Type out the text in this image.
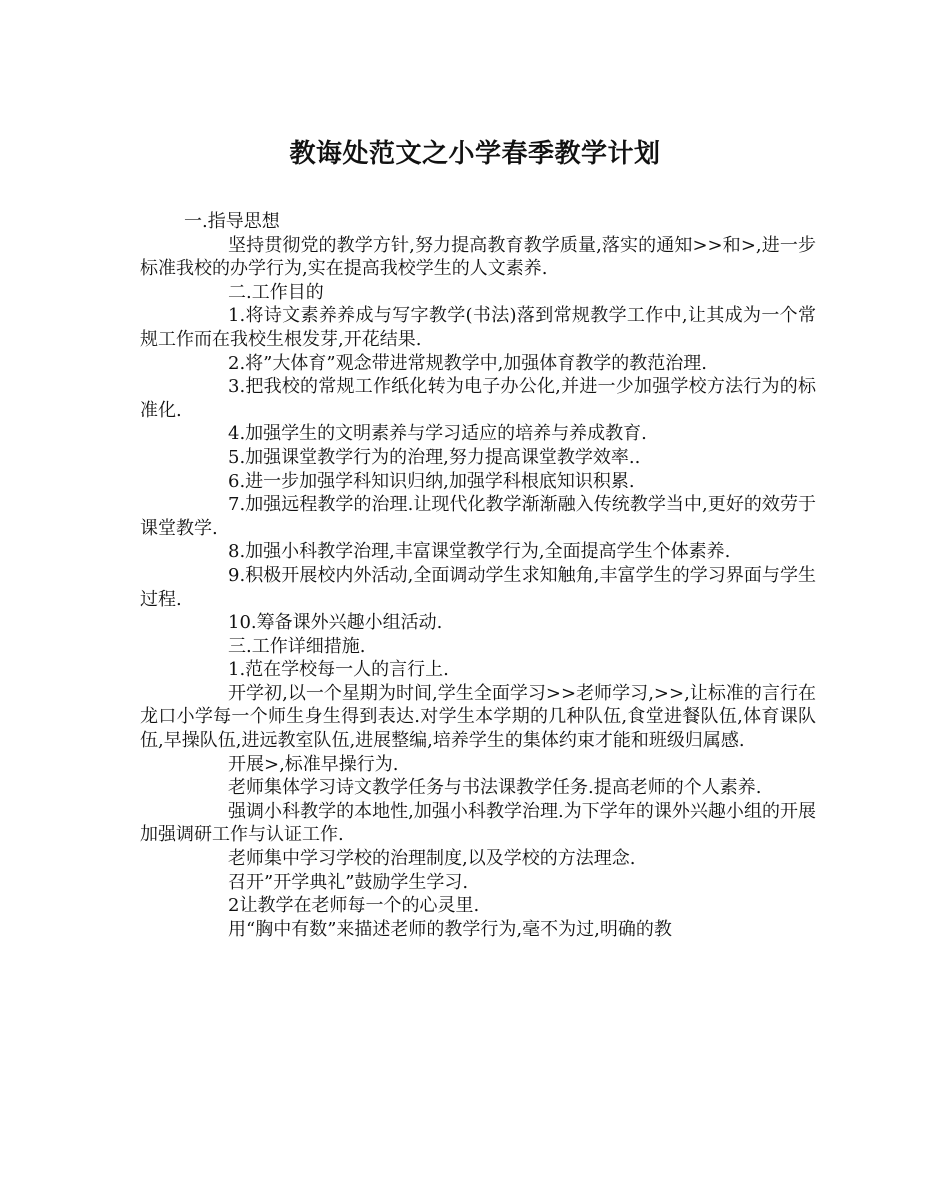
教诲处范文之小学春季教学计划

一.指导思想

坚持贯彻党的教学方针,努力提高教育教学质量,落实的通知>>和>,进一步标准我校的办学行为,实在提高我校学生的人文素养.

二.工作目的

1.将诗文素养养成与写字教学(书法)落到常规教学工作中,让其成为一个常规工作而在我校生根发芽,开花结果.

2.将”大体育”观念带进常规教学中,加强体育教学的教范治理.

3.把我校的常规工作纸化转为电子办公化,并进一少加强学校方法行为的标准化.

4.加强学生的文明素养与学习适应的培养与养成教育.

5.加强课堂教学行为的治理,努力提高课堂教学效率..

6.进一步加强学科知识归纳,加强学科根底知识积累.

7.加强远程教学的治理.让现代化教学渐渐融入传统教学当中,更好的效劳于课堂教学.

8.加强小科教学治理,丰富课堂教学行为,全面提高学生个体素养.

9.积极开展校内外活动,全面调动学生求知触角,丰富学生的学习界面与学生过程.

10.筹备课外兴趣小组活动.

三.工作详细措施.

1.范在学校每一人的言行上.

开学初,以一个星期为时间,学生全面学习>>老师学习,>>,让标准的言行在龙口小学每一个师生身生得到表达.对学生本学期的几种队伍,食堂进餐队伍,体育课队伍,早操队伍,进远教室队伍,进展整编,培养学生的集体约束才能和班级归属感.

开展>,标准早操行为.

老师集体学习诗文教学任务与书法课教学任务.提高老师的个人素养.

强调小科教学的本地性,加强小科教学治理.为下学年的课外兴趣小组的开展加强调研工作与认证工作.

老师集中学习学校的治理制度,以及学校的方法理念.

召开”开学典礼”鼓励学生学习.

2让教学在老师每一个的心灵里.

用“胸中有数”来描述老师的教学行为,毫不为过,明确的教
